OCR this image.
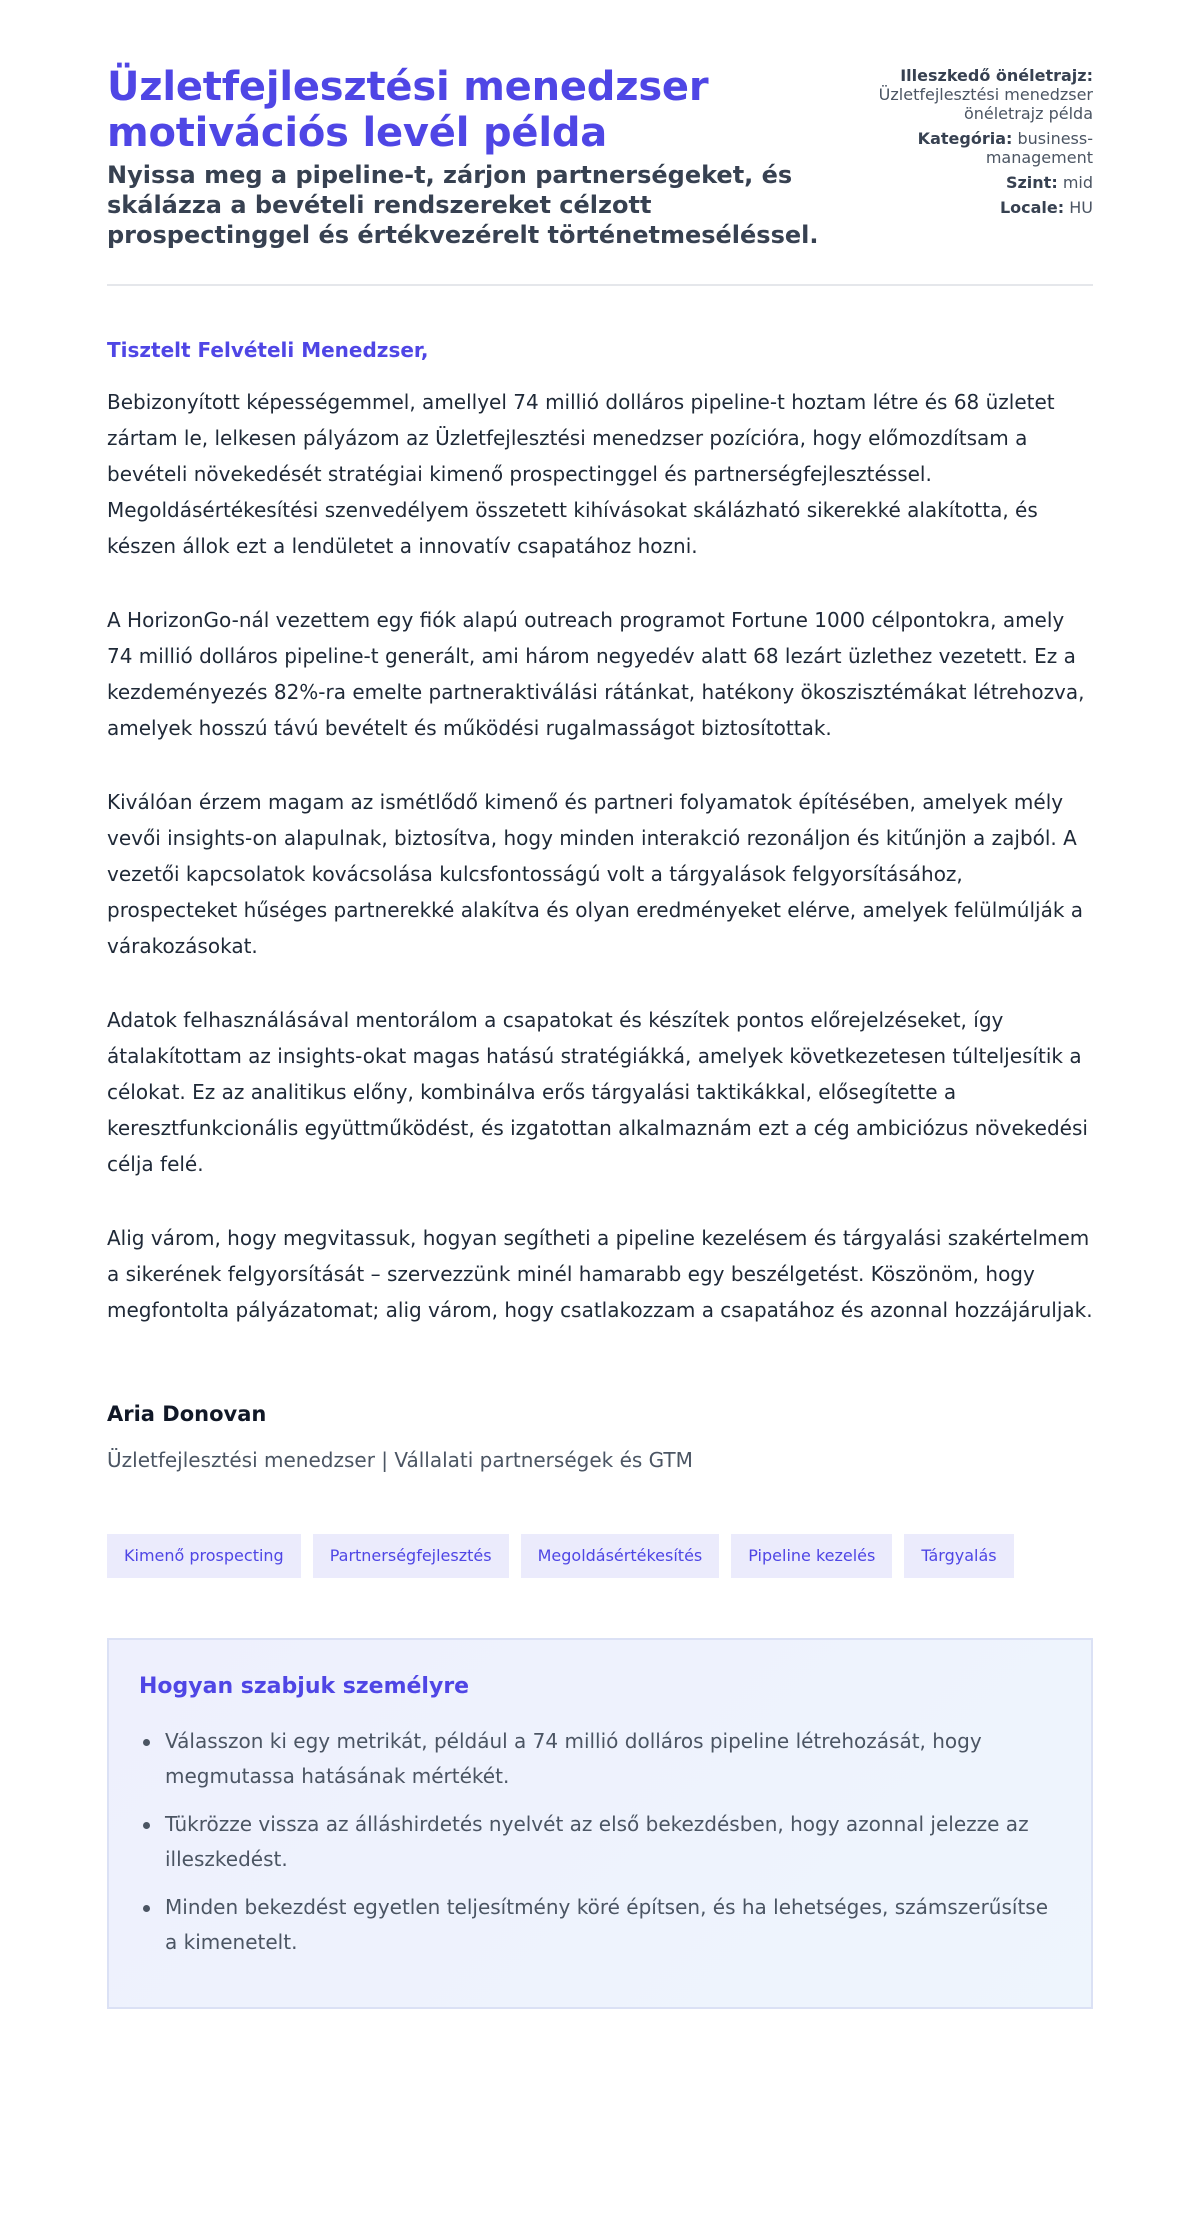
Üzletfejlesztési menedzser motivációs levél példa
Nyissa meg a pipeline-t, zárjon partnerségeket, és skálázza a bevételi rendszereket célzott prospectinggel és értékvezérelt történetmeséléssel.
Illeszkedő önéletrajz: Üzletfejlesztési menedzser önéletrajz példa
Kategória: business-management
Szint: mid
Locale: HU

Tisztelt Felvételi Menedzser,

Bebizonyított képességemmel, amellyel 74 millió dolláros pipeline-t hoztam létre és 68 üzletet zártam le, lelkesen pályázom az Üzletfejlesztési menedzser pozícióra, hogy előmozdítsam a bevételi növekedését stratégiai kimenő prospectinggel és partnerségfejlesztéssel. Megoldásértékesítési szenvedélyem összetett kihívásokat skálázható sikerekké alakította, és készen állok ezt a lendületet a innovatív csapatához hozni.

A HorizonGo-nál vezettem egy fiók alapú outreach programot Fortune 1000 célpontokra, amely 74 millió dolláros pipeline-t generált, ami három negyedév alatt 68 lezárt üzlethez vezetett. Ez a kezdeményezés 82%-ra emelte partneraktiválási rátánkat, hatékony ökoszisztémákat létrehozva, amelyek hosszú távú bevételt és működési rugalmasságot biztosítottak.

Kiválóan érzem magam az ismétlődő kimenő és partneri folyamatok építésében, amelyek mély vevői insights-on alapulnak, biztosítva, hogy minden interakció rezonáljon és kitűnjön a zajból. A vezetői kapcsolatok kovácsolása kulcsfontosságú volt a tárgyalások felgyorsításához, prospecteket hűséges partnerekké alakítva és olyan eredményeket elérve, amelyek felülmúlják a várakozásokat.

Adatok felhasználásával mentorálom a csapatokat és készítek pontos előrejelzéseket, így átalakítottam az insights-okat magas hatású stratégiákká, amelyek következetesen túlteljesítik a célokat. Ez az analitikus előny, kombinálva erős tárgyalási taktikákkal, elősegítette a keresztfunkcionális együttműködést, és izgatottan alkalmaznám ezt a cég ambiciózus növekedési célja felé.

Alig várom, hogy megvitassuk, hogyan segítheti a pipeline kezelésem és tárgyalási szakértelmem a sikerének felgyorsítását – szervezzünk minél hamarabb egy beszélgetést. Köszönöm, hogy megfontolta pályázatomat; alig várom, hogy csatlakozzam a csapatához és azonnal hozzájáruljak.

Aria Donovan
Üzletfejlesztési menedzser | Vállalati partnerségek és GTM
Kimenő prospecting	Partnerségfejlesztés	Megoldásértékesítés	Pipeline kezelés	Tárgyalás
Hogyan szabjuk személyre
Válasszon ki egy metrikát, például a 74 millió dolláros pipeline létrehozását, hogy megmutassa hatásának mértékét.
Tükrözze vissza az álláshirdetés nyelvét az első bekezdésben, hogy azonnal jelezze az illeszkedést.
Minden bekezdést egyetlen teljesítmény köré építsen, és ha lehetséges, számszerűsítse a kimenetelt.
